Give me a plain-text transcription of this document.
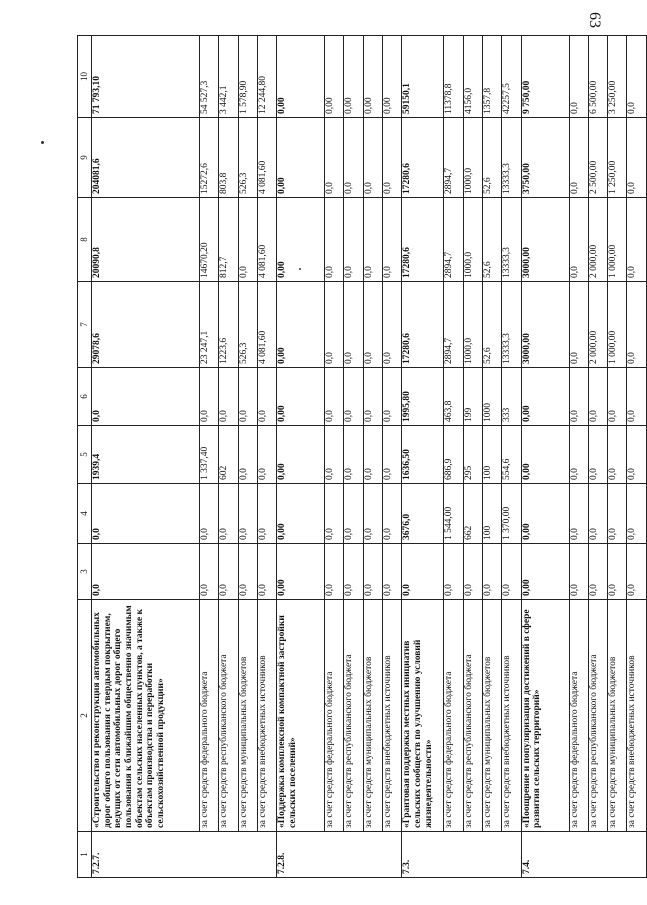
63
1	2	3	4	5	6	7	8	9	10
7.2.7.	«Строительство и реконструкция автомобильных дорог общего пользования с твердым покрытием, ведущих от сети автомобильных дорог общего пользования к ближайшим общественно значимым объектам сельских населенных пунктов, а также к объектам производства и переработки сельскохозяйственной продукции»	0,0	0,0	1939,4	0,0	29078,6	20090,8	204081,6	71 793,10
	за счет средств федерального бюджета	0,0	0,0	1 337,40	0,0	23 247,1	14670,20	15272,6	54 527,3
	за счет средств республиканского бюджета	0,0	0,0	602	0,0	1223,6	812,7	803,8	3 442,1
	за счет средств муниципальных бюджетов	0,0	0,0	0,0	0,0	526,3	0,0	526,3	1 578,90
	за счет средств внебюджетных источников	0,0	0,0	0,0	0,0	4 081,60	4 081,60	4 081,60	12 244,80
7.2.8.	«Поддержка комплексной компактной застройки сельских поселений»	0,00	0,00	0,00	0,00	0,00	0,00	0,00	0,00
	за счет средств федерального бюджета	0,0	0,0	0,0	0,0	0,0	0,0	0,0	0,00
	за счет средств республиканского бюджета	0,0	0,0	0,0	0,0	0,0	0,0	0,0	0,00
	за счет средств муниципальных бюджетов	0,0	0,0	0,0	0,0	0,0	0,0	0,0	0,00
	за счет средств внебюджетных источников	0,0	0,0	0,0	0,0	0,0	0,0	0,0	0,00
7.3.	«Грантовая поддержка местных инициатив сельских сообществ по улучшению условий жизнедеятельности»	0,0	3676,0	1636,50	1995,80	17280,6	17280,6	17280,6	59150,1
	за счет средств федерального бюджета	0,0	1 544,00	686,9	463,8	2894,7	2894,7	2894,7	11378,8
	за счет средств республиканского бюджета	0,0	662	295	199	1000,0	1000,0	1000,0	4156,0
	за счет средств муниципальных бюджетов	0,0	100	100	1000	52,6	52,6	52,6	1357,8
	за счет средств внебюджетных источников	0,0	1 370,00	554,6	333	13333,3	13333,3	13333,3	42257,5
7.4.	«Поощрение и популяризация достижений в сфере развития сельских территорий»	0,00	0,00	0,00	0,00	3000,00	3000,00	3750,00	9 750,00
	за счет средств федерального бюджета	0,0	0,0	0,0	0,0	0,0	0,0	0,0	0,0
	за счет средств республиканского бюджета	0,0	0,0	0,0	0,0	2 000,00	2 000,00	2 500,00	6 500,00
	за счет средств муниципальных бюджетов	0,0	0,0	0,0	0,0	1 000,00	1 000,00	1 250,00	3 250,00
	за счет средств внебюджетных источников	0,0	0,0	0,0	0,0	0,0	0,0	0,0	0,0
